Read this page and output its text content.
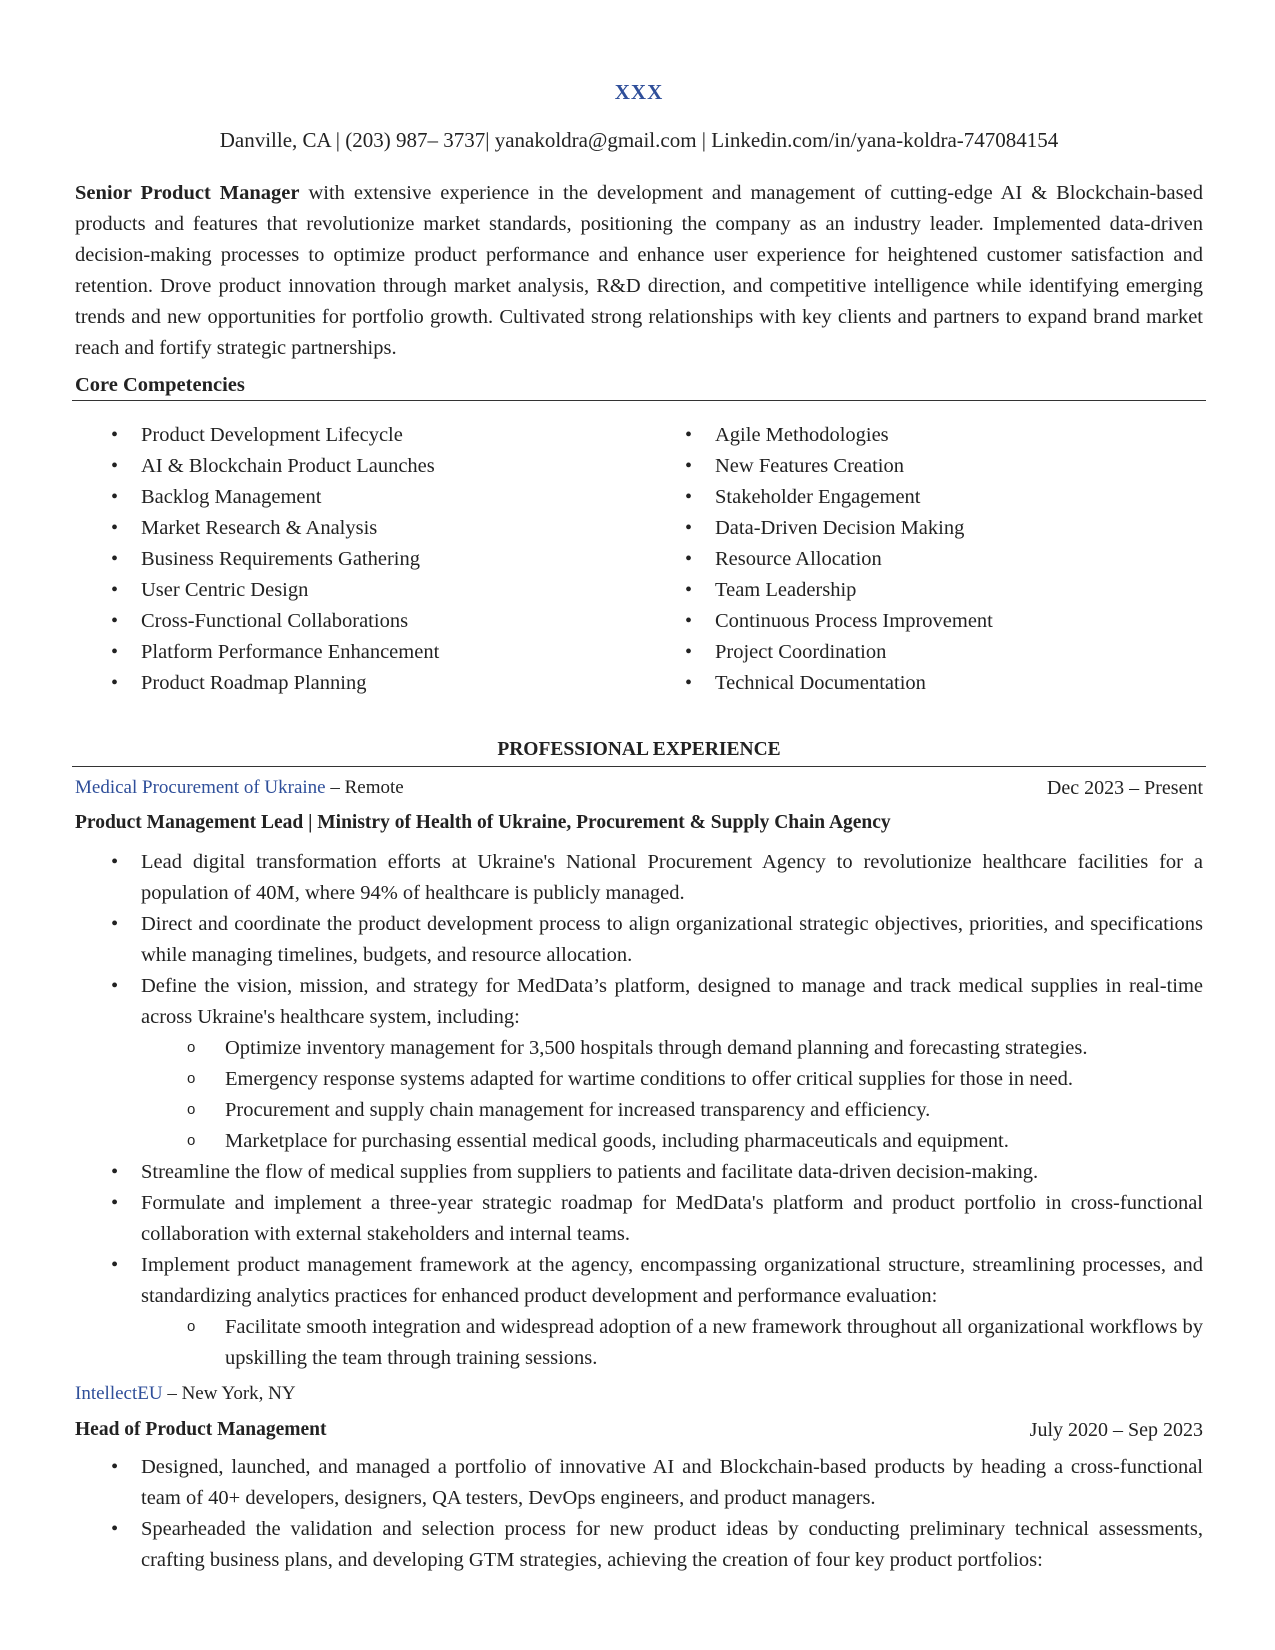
XXX
Danville, CA | (203) 987– 3737| yanakoldra@gmail.com | Linkedin.com/in/yana-koldra-747084154

Senior Product Manager with extensive experience in the development and management of cutting-edge AI & Blockchain-based products and features that revolutionize market standards, positioning the company as an industry leader. Implemented data-driven decision-making processes to optimize product performance and enhance user experience for heightened customer satisfaction and retention. Drove product innovation through market analysis, R&D direction, and competitive intelligence while identifying emerging trends and new opportunities for portfolio growth. Cultivated strong relationships with key clients and partners to expand brand market reach and fortify strategic partnerships.

Core Competencies
• Product Development Lifecycle
• AI & Blockchain Product Launches
• Backlog Management
• Market Research & Analysis
• Business Requirements Gathering
• User Centric Design
• Cross-Functional Collaborations
• Platform Performance Enhancement
• Product Roadmap Planning
• Agile Methodologies
• New Features Creation
• Stakeholder Engagement
• Data-Driven Decision Making
• Resource Allocation
• Team Leadership
• Continuous Process Improvement
• Project Coordination
• Technical Documentation
PROFESSIONAL EXPERIENCE
Medical Procurement of Ukraine – Remote	Dec 2023 – Present
Product Management Lead | Ministry of Health of Ukraine, Procurement & Supply Chain Agency

• Lead digital transformation efforts at Ukraine's National Procurement Agency to revolutionize healthcare facilities for a population of 40M, where 94% of healthcare is publicly managed.

• Direct and coordinate the product development process to align organizational strategic objectives, priorities, and specifications while managing timelines, budgets, and resource allocation.

• Define the vision, mission, and strategy for MedData’s platform, designed to manage and track medical supplies in real-time across Ukraine's healthcare system, including:

o Optimize inventory management for 3,500 hospitals through demand planning and forecasting strategies.

o Emergency response systems adapted for wartime conditions to offer critical supplies for those in need.

o Procurement and supply chain management for increased transparency and efficiency.

o Marketplace for purchasing essential medical goods, including pharmaceuticals and equipment.

• Streamline the flow of medical supplies from suppliers to patients and facilitate data-driven decision-making.

• Formulate and implement a three-year strategic roadmap for MedData's platform and product portfolio in cross-functional collaboration with external stakeholders and internal teams.

• Implement product management framework at the agency, encompassing organizational structure, streamlining processes, and standardizing analytics practices for enhanced product development and performance evaluation:

o Facilitate smooth integration and widespread adoption of a new framework throughout all organizational workflows by upskilling the team through training sessions.

IntellectEU – New York, NY
Head of Product Management	July 2020 – Sep 2023

• Designed, launched, and managed a portfolio of innovative AI and Blockchain-based products by heading a cross-functional team of 40+ developers, designers, QA testers, DevOps engineers, and product managers.

• Spearheaded the validation and selection process for new product ideas by conducting preliminary technical assessments, crafting business plans, and developing GTM strategies, achieving the creation of four key product portfolios:
